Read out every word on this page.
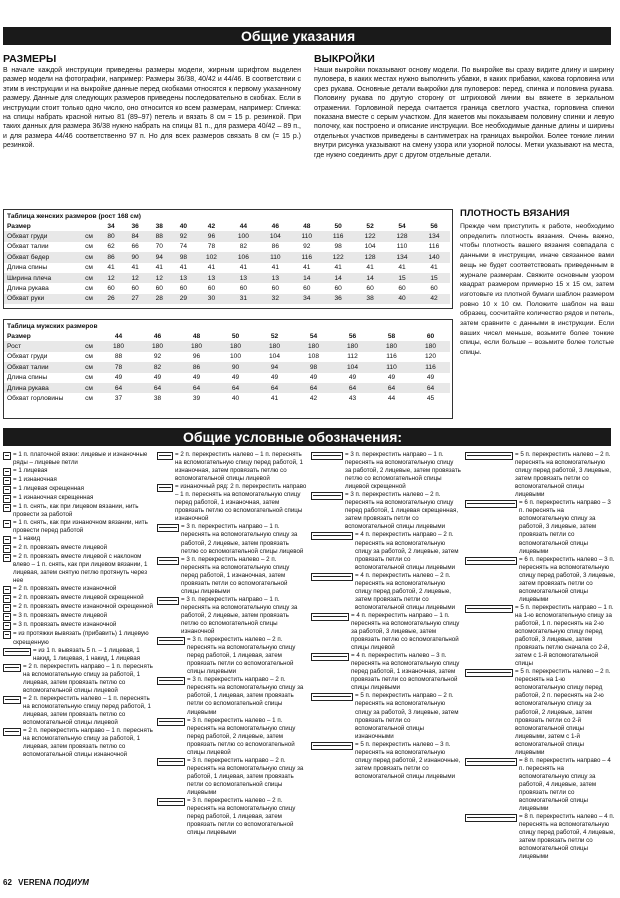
Общие указания
РАЗМЕРЫ
В начале каждой инструкции приведены размеры модели, жирным шрифтом выделен размер модели на фотографии, например: Размеры 36/38, 40/42 и 44/46. В соответствии с этим в инструкции и на выкройке данные перед скобками относятся к первому указанному размеру. Данные для следующих размеров приведены последовательно в скобках. Если в инструкции стоит только одно число, оно относится ко всем размерам, например: Спинка: на спицы набрать красной нитью 81 (89–97) петель и вязать 8 см = 15 р. резинкой. При таких данных для размера 36/38 нужно набрать на спицы 81 п., для размера 40/42 – 89 п., и для размера 44/46 соответственно 97 п. Но для всех размеров связать 8 см (= 15 р.) резинкой.
ВЫКРОЙКИ
Наши выкройки показывают основу модели. По выкройке вы сразу видите длину и ширину пуловера, в каких местах нужно выполнить убавки, в каких прибавки, какова горловина или срез рукава. Основные детали выкройки для пуловеров: перед, спинка и половина рукава. Половину рукава по другую сторону от штриховой линии вы вяжете в зеркальном отражении. Горловиной переда считается граница светлого участка, горловина спинки показана вместе с серым участком. Для жакетов мы показываем половину спинки и левую полочку, как построено и описание инструкции. Все необходимые данные длины и ширины отдельных участков приведены в сантиметрах на границах выкройки. Более тонкие линии внутри рисунка указывают на смену узора или узорной полосы. Метки указывают на места, где нужно соединить друг с другом отдельные детали.
Таблица женских размеров (рост 168 см)													
Размер		34	36	38	40	42	44	46	48	50	52	54	56
Обхват груди	см	80	84	88	92	96	100	104	110	116	122	128	134
Обхват талии	см	62	66	70	74	78	82	86	92	98	104	110	116
Обхват бедер	см	86	90	94	98	102	106	110	116	122	128	134	140
Длина спины	см	41	41	41	41	41	41	41	41	41	41	41	41
Ширина плеча	см	12	12	12	13	13	13	13	14	14	14	15	15
Длина рукава	см	60	60	60	60	60	60	60	60	60	60	60	60
Обхват руки	см	26	27	28	29	30	31	32	34	36	38	40	42
Таблица мужских размеров										
Размер		44	46	48	50	52	54	56	58	60
Рост	см	180	180	180	180	180	180	180	180	180
Обхват груди	см	88	92	96	100	104	108	112	116	120
Обхват талии	см	78	82	86	90	94	98	104	110	116
Длина спины	см	49	49	49	49	49	49	49	49	49
Длина рукава	см	64	64	64	64	64	64	64	64	64
Обхват горловины	см	37	38	39	40	41	42	43	44	45
ПЛОТНОСТЬ ВЯЗАНИЯ
Прежде чем приступить к работе, необходимо определить плотность вязания. Очень важно, чтобы плотность вашего вязания совпадала с данными в инструкции, иначе связанное вами вещь не будет соответствовать приведенным в журнале размерам. Свяжите основным узором квадрат размером примерно 15 х 15 см, затем изготовьте из плотной бумаги шаблон размером ровно 10 х 10 см. Положите шаблон на ваш образец, сосчитайте количество рядов и петель, затем сравните с данными в инструкции. Если ваших чисел меньше, возьмите более тонкие спицы, если больше – возьмите более толстые спицы.
Общие условные обозначения:
= 1 п. платочной вязки: лицевые и изнаночные ряды – лицевые петли
= 1 лицевая
= 1 изнаночная
= 1 лицевая скрещенная
= 1 изнаночная скрещенная
= 1 п. снять, как при лицевом вязании, нить провести за работой
= 1 п. снять, как при изнаночном вязании, нить провести перед работой
= 1 накид
= 2 п. провязать вместе лицевой
= 2 п. провязать вместе лицевой с наклоном влево – 1 п. снять, как при лицевом вязании, 1 лицевая, затем снятую петлю протянуть через нее
= 2 п. провязать вместе изнаночной
= 2 п. провязать вместе лицевой скрещенной
= 2 п. провязать вместе изнаночной скрещенной
= 3 п. провязать вместе лицевой
= 3 п. провязать вместе изнаночной
= из протяжки вывязать (прибавить) 1 лицевую скрещенную
= из 1 п. вывязать 5 п. – 1 лицевая, 1 накид, 1 лицевая, 1 накид, 1 лицевая
= 2 п. перекрестить направо – 1 п. переснять на вспомогательную спицу за работой, 1 лицевая, затем провязать петлю со вспомогательной спицы лицевой
= 2 п. перекрестить налево – 1 п. переснять на вспомогательную спицу перед работой, 1 лицевая, затем провязать петлю со вспомогательной спицы лицевой
= 2 п. перекрестить направо – 1 п. переснять на вспомогательную спицу за работой, 1 лицевая, затем провязать петлю со вспомогательной спицы изнаночной
= 2 п. перекрестить налево – 1 п. переснять на вспомогательную спицу перед работой, 1 изнаночная, затем провязать петлю со вспомогательной спицы лицевой
= изнаночный ряд: 2 п. перекрестить направо – 1 п. переснять на вспомогательную спицу перед работой, 1 изнаночная, затем провязать петлю со вспомогательной спицы изнаночной
= 3 п. перекрестить направо – 1 п. переснять на вспомогательную спицу за работой, 2 лицевые, затем провязать петлю со вспомогательной спицы лицевой
= 3 п. перекрестить налево – 2 п. переснять на вспомогательную спицу перед работой, 1 изнаночная, затем провязать петли со вспомогательной спицы лицевыми
= 3 п. перекрестить направо – 1 п. переснять на вспомогательную спицу за работой, 2 лицевые, затем провязать петлю со вспомогательной спицы изнаночной
= 3 п. перекрестить налево – 2 п. переснять на вспомогательную спицу перед работой, 1 лицевая, затем провязать петли со вспомогательной спицы лицевыми
= 3 п. перекрестить направо – 2 п. переснять на вспомогательную спицу за работой, 1 лицевая, затем провязать петли со вспомогательной спицы лицевыми
= 3 п. перекрестить налево – 1 п. переснять на вспомогательную спицу перед работой, 2 лицевые, затем провязать петлю со вспомогательной спицы лицевой
= 3 п. перекрестить направо – 2 п. переснять на вспомогательную спицу за работой, 1 лицевая, затем провязать петли со вспомогательной спицы лицевыми
= 3 п. перекрестить налево – 2 п. переснять на вспомогательную спицу перед работой, 1 лицевая, затем провязать петли со вспомогательной спицы лицевыми
= 3 п. перекрестить направо – 1 п. переснять на вспомогательную спицу за работой, 2 лицевые, затем провязать петлю со вспомогательной спицы лицевой скрещенной
= 3 п. перекрестить налево – 2 п. переснять на вспомогательную спицу перед работой, 1 лицевая скрещенная, затем провязать петли со вспомогательной спицы лицевыми
= 4 п. перекрестить направо – 2 п. переснять на вспомогательную спицу за работой, 2 лицевые, затем провязать петли со вспомогательной спицы лицевыми
= 4 п. перекрестить налево – 2 п. переснять на вспомогательную спицу перед работой, 2 лицевые, затем провязать петли со вспомогательной спицы лицевыми
= 4 п. перекрестить направо – 1 п. переснять на вспомогательную спицу за работой, 3 лицевые, затем провязать петлю со вспомогательной спицы лицевой
= 4 п. перекрестить налево – 3 п. переснять на вспомогательную спицу перед работой, 1 изнаночная, затем провязать петли со вспомогательной спицы лицевыми
= 5 п. перекрестить направо – 2 п. переснять на вспомогательную спицу за работой, 3 лицевые, затем провязать петли со вспомогательной спицы изнаночными
= 5 п. перекрестить налево – 3 п. переснять на вспомогательную спицу перед работой, 2 изнаночные, затем провязать петли со вспомогательной спицы лицевыми
= 5 п. перекрестить налево – 2 п. переснять на вспомогательную спицу перед работой, 3 лицевые, затем провязать петли со вспомогательной спицы лицевыми
= 6 п. перекрестить направо – 3 п. переснять на вспомогательную спицу за работой, 3 лицевые, затем провязать петли со вспомогательной спицы лицевыми
= 6 п. перекрестить налево – 3 п. переснять на вспомогательную спицу перед работой, 3 лицевые, затем провязать петли со вспомогательной спицы лицевыми
= 5 п. перекрестить направо – 1 п. на 1-ю вспомогательную спицу за работой, 1 п. переснять на 2-ю вспомогательную спицу перед работой, 3 лицевые, затем провязать петлю сначала со 2-й, затем с 1-й вспомогательной спицы
= 5 п. перекрестить налево – 2 п. переснять на 1-ю вспомогательную спицу перед работой, 2 п. переснять на 2-ю вспомогательную спицу за работой, 2 лицевые, затем провязать петли со 2-й вспомогательной спицы лицевыми, затем с 1-й вспомогательной спицы лицевыми
= 8 п. перекрестить направо – 4 п. переснять на вспомогательную спицу за работой, 4 лицевые, затем провязать петли со вспомогательной спицы лицевыми
= 8 п. перекрестить налево – 4 п. переснять на вспомогательную спицу перед работой, 4 лицевые, затем провязать петли со вспомогательной спицы лицевыми
62 VERENA ПОДИУМ
